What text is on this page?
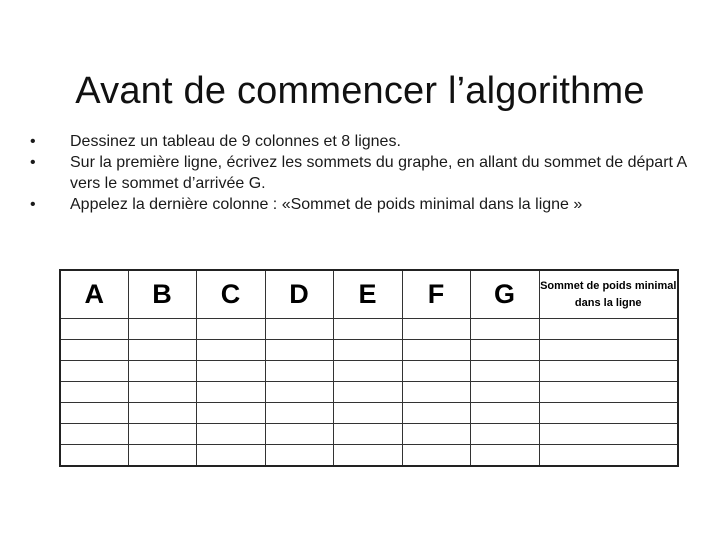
Avant de commencer l’algorithme
•	Dessinez un tableau de 9 colonnes et 8 lignes.
•	Sur la première ligne, écrivez les sommets du graphe, en allant du sommet de départ A vers le sommet d’arrivée G.
•	Appelez la dernière colonne : «Sommet de poids minimal dans la ligne »
A	B	C	D	E	F	G	Sommet de poids minimal dans la ligne
